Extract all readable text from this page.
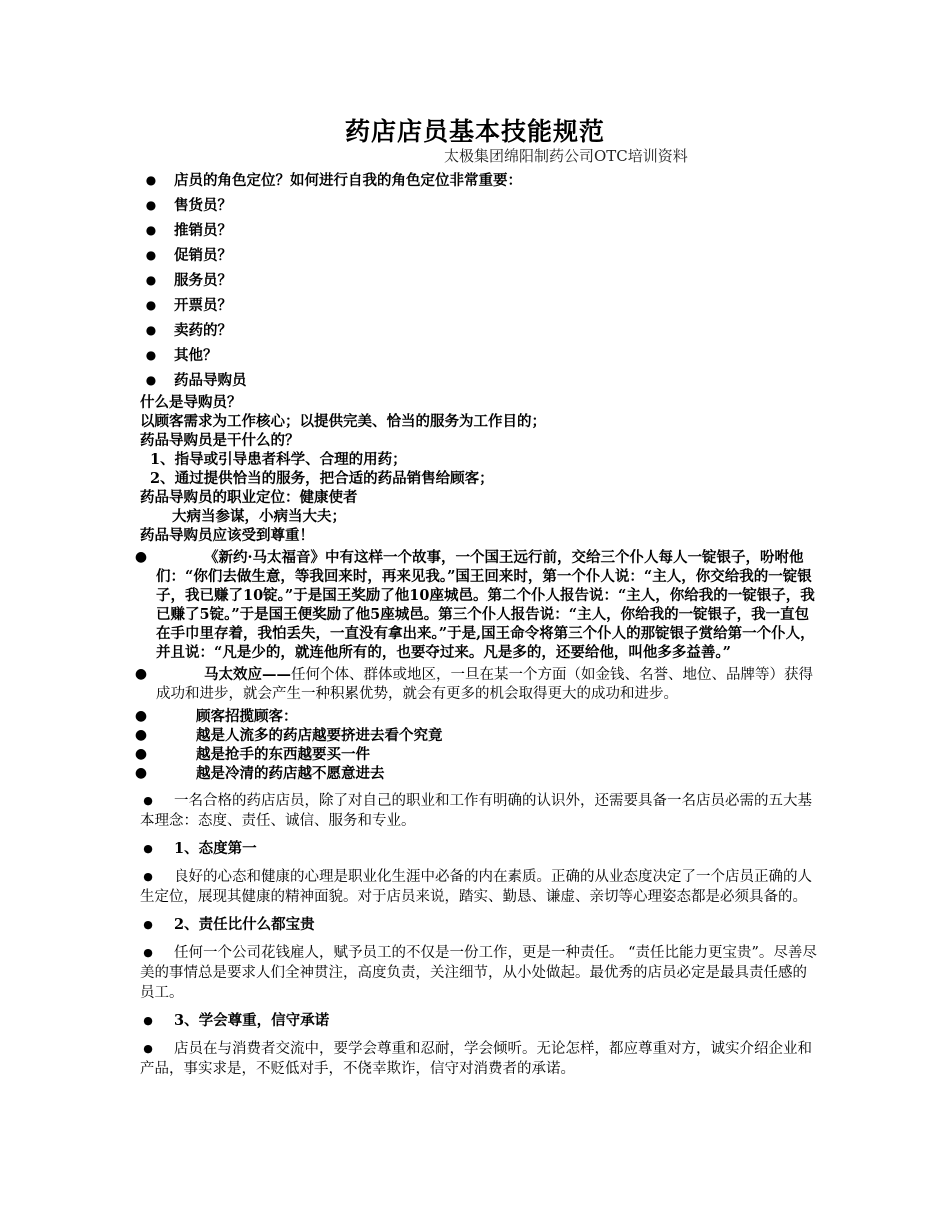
药店店员基本技能规范
太极集团绵阳制药公司OTC培训资料
● 店员的角色定位？如何进行自我的角色定位非常重要：
● 售货员？
● 推销员？
● 促销员？
● 服务员？
● 开票员？
● 卖药的？
● 其他？
● 药品导购员
什么是导购员？
以顾客需求为工作核心；以提供完美、恰当的服务为工作目的；
药品导购员是干什么的？
1、指导或引导患者科学、合理的用药；
2、通过提供恰当的服务，把合适的药品销售给顾客；
药品导购员的职业定位：健康使者
大病当参谋，小病当大夫；
药品导购员应该受到尊重！
●	《新约·马太福音》中有这样一个故事，一个国王远行前，交给三个仆人每人一锭银子，吩咐他们：“你们去做生意，等我回来时，再来见我。”国王回来时，第一个仆人说：“主人，你交给我的一锭银子，我已赚了10锭。”于是国王奖励了他10座城邑。第二个仆人报告说：“主人，你给我的一锭银子，我已赚了5锭。”于是国王便奖励了他5座城邑。第三个仆人报告说：“主人，你给我的一锭银子，我一直包在手巾里存着，我怕丢失，一直没有拿出来。”于是,国王命令将第三个仆人的那锭银子赏给第一个仆人，并且说：“凡是少的，就连他所有的，也要夺过来。凡是多的，还要给他，叫他多多益善。”
●	马太效应——任何个体、群体或地区，一旦在某一个方面（如金钱、名誉、地位、品牌等）获得成功和进步，就会产生一种积累优势，就会有更多的机会取得更大的成功和进步。
●	顾客招揽顾客：
●	越是人流多的药店越要挤进去看个究竟
●	越是抢手的东西越要买一件
●	越是冷清的药店越不愿意进去
●	一名合格的药店店员，除了对自己的职业和工作有明确的认识外，还需要具备一名店员必需的五大基本理念：态度、责任、诚信、服务和专业。
●	1、态度第一
●	良好的心态和健康的心理是职业化生涯中必备的内在素质。正确的从业态度决定了一个店员正确的人生定位，展现其健康的精神面貌。对于店员来说，踏实、勤恳、谦虚、亲切等心理姿态都是必须具备的。
●	2、责任比什么都宝贵
●	任何一个公司花钱雇人，赋予员工的不仅是一份工作，更是一种责任。 “责任比能力更宝贵”。尽善尽美的事情总是要求人们全神贯注，高度负责，关注细节，从小处做起。最优秀的店员必定是最具责任感的员工。
●	3、学会尊重，信守承诺
●	店员在与消费者交流中，要学会尊重和忍耐，学会倾听。无论怎样，都应尊重对方，诚实介绍企业和产品，事实求是，不贬低对手，不侥幸欺诈，信守对消费者的承诺。
